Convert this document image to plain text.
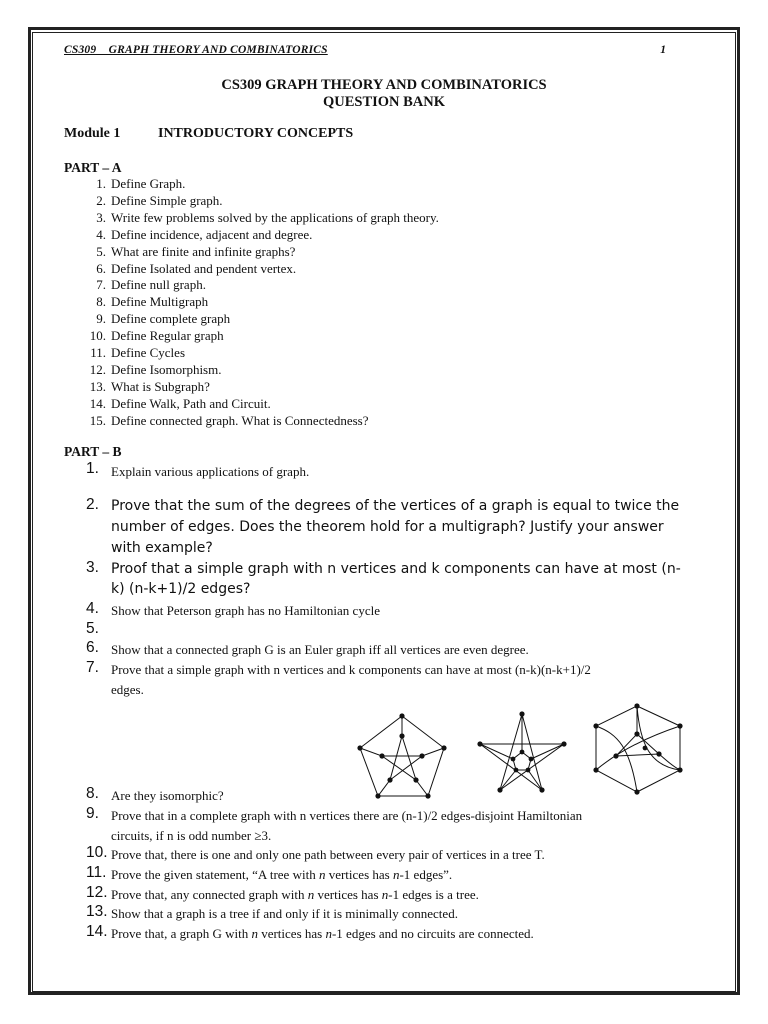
CS309    GRAPH THEORY AND COMBINATORICS	1
CS309 GRAPH THEORY AND COMBINATORICS
QUESTION BANK
Module 1	INTRODUCTORY CONCEPTS
PART – A
1. Define Graph.
2. Define Simple graph.
3. Write few problems solved by the applications of graph theory.
4. Define incidence, adjacent and degree.
5. What are finite and infinite graphs?
6. Define Isolated and pendent vertex.
7. Define null graph.
8. Define Multigraph
9. Define complete graph
10. Define Regular graph
11. Define Cycles
12. Define Isomorphism.
13. What is Subgraph?
14. Define Walk, Path and Circuit.
15. Define connected graph. What is Connectedness?
PART – B
1. Explain various applications of graph.
2. Prove that the sum of the degrees of the vertices of a graph is equal to twice the
number of edges. Does the theorem hold for a multigraph? Justify your answer
with example?
3. Proof that a simple graph with n vertices and k components can have at most (n-
k) (n-k+1)/2 edges?
4. Show that Peterson graph has no Hamiltonian cycle
5.
6. Show that a connected graph G is an Euler graph iff all vertices are even degree.
7. Prove that a simple graph with n vertices and k components can have at most (n-k)(n-k+1)/2
edges.
8. Are they isomorphic?
9. Prove that in a complete graph with n vertices there are (n-1)/2 edges-disjoint Hamiltonian
circuits, if n is odd number ≥3.
10. Prove that, there is one and only one path between every pair of vertices in a tree T.
11. Prove the given statement, “A tree with n vertices has n-1 edges”.
12. Prove that, any connected graph with n vertices has n-1 edges is a tree.
13. Show that a graph is a tree if and only if it is minimally connected.
14. Prove that, a graph G with n vertices has n-1 edges and no circuits are connected.
